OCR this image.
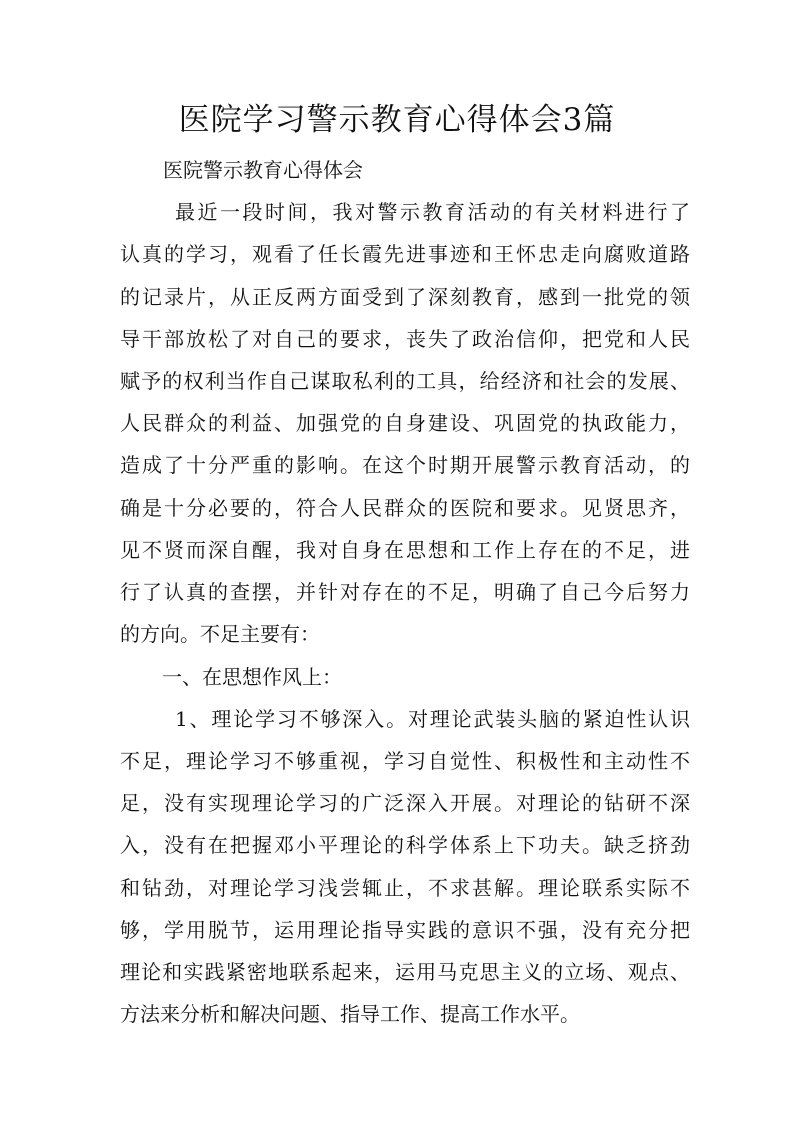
医院学习警示教育心得体会3篇

医院警示教育心得体会

最近一段时间，我对警示教育活动的有关材料进行了

认真的学习，观看了任长霞先进事迹和王怀忠走向腐败道路

的记录片，从正反两方面受到了深刻教育，感到一批党的领

导干部放松了对自己的要求，丧失了政治信仰，把党和人民

赋予的权利当作自己谋取私利的工具，给经济和社会的发展、

人民群众的利益、加强党的自身建设、巩固党的执政能力，

造成了十分严重的影响。在这个时期开展警示教育活动，的

确是十分必要的，符合人民群众的医院和要求。见贤思齐，

见不贤而深自醒，我对自身在思想和工作上存在的不足，进

行了认真的查摆，并针对存在的不足，明确了自己今后努力

的方向。不足主要有：

一、在思想作风上：

1、理论学习不够深入。对理论武装头脑的紧迫性认识

不足，理论学习不够重视，学习自觉性、积极性和主动性不

足，没有实现理论学习的广泛深入开展。对理论的钻研不深

入，没有在把握邓小平理论的科学体系上下功夫。缺乏挤劲

和钻劲，对理论学习浅尝辄止，不求甚解。理论联系实际不

够，学用脱节，运用理论指导实践的意识不强，没有充分把

理论和实践紧密地联系起来，运用马克思主义的立场、观点、

方法来分析和解决问题、指导工作、提高工作水平。
